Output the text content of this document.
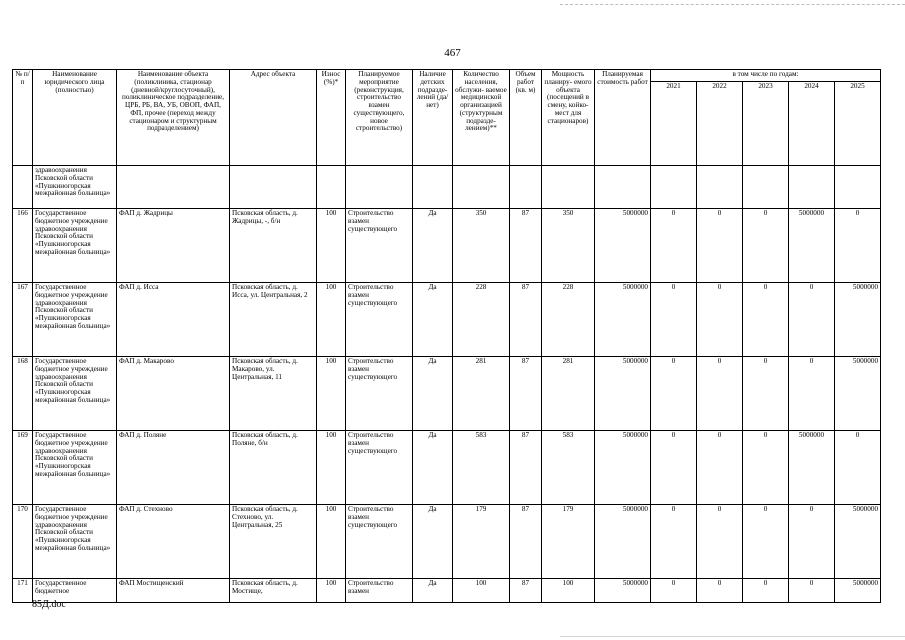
467
№ п/п	Наименование юридического лица (полностью)	Наименование объекта (поликлиника, стационар (дневной/круглосуточный), поликлиническое подразделение, ЦРБ, РБ, ВА, УБ, ОВОП, ФАП, ФП, прочее (переход между стационаром и структурным подразделением)	Адрес объекта	Износ (%)*	Планируемое мероприятие (реконструкция, строительство взамен существующего, новое строительство)	Наличие детских подразде- лений (да/нет)	Количество населения, обслужи- ваемое медицинской организацией (структурным подразде- лением)**	Объем работ (кв. м)	Мощность планиру- емого объекта (посещений в смену, койко-мест для стационаров)	Планируемая стоимость работ	в том числе по годам:				
											2021	2022	2023	2024	2025
	здравоохранения Псковской области «Пушкиногорская межрайонная больница»														
166	Государственное бюджетное учреждение здравоохранения Псковской области «Пушкиногорская межрайонная больница»	ФАП д. Жадрицы	Псковская область, д. Жадрицы, -, б/н	100	Строительство взамен существующего	Да	350	87	350	5000000	0	0	0	5000000	0
167	Государственное бюджетное учреждение здравоохранения Псковской области «Пушкиногорская межрайонная больница»	ФАП д. Исса	Псковская область, д. Исса, ул. Центральная, 2	100	Строительство взамен существующего	Да	228	87	228	5000000	0	0	0	0	5000000
168	Государственное бюджетное учреждение здравоохранения Псковской области «Пушкиногорская межрайонная больница»	ФАП д. Макарово	Псковская область, д. Макарово, ул. Центральная, 11	100	Строительство взамен существующего	Да	281	87	281	5000000	0	0	0	0	5000000
169	Государственное бюджетное учреждение здравоохранения Псковской области «Пушкиногорская межрайонная больница»	ФАП д. Поляне	Псковская область, д. Поляне, б/н	100	Строительство взамен существующего	Да	583	87	583	5000000	0	0	0	5000000	0
170	Государственное бюджетное учреждение здравоохранения Псковской области «Пушкиногорская межрайонная больница»	ФАП д. Стехново	Псковская область, д. Стехново, ул. Центральная, 25	100	Строительство взамен существующего	Да	179	87	179	5000000	0	0	0	0	5000000
171	Государственное бюджетное	ФАП Мостищенский	Псковская область, д. Мостище,	100	Строительство взамен	Да	100	87	100	5000000	0	0	0	0	5000000
85Д.doc
